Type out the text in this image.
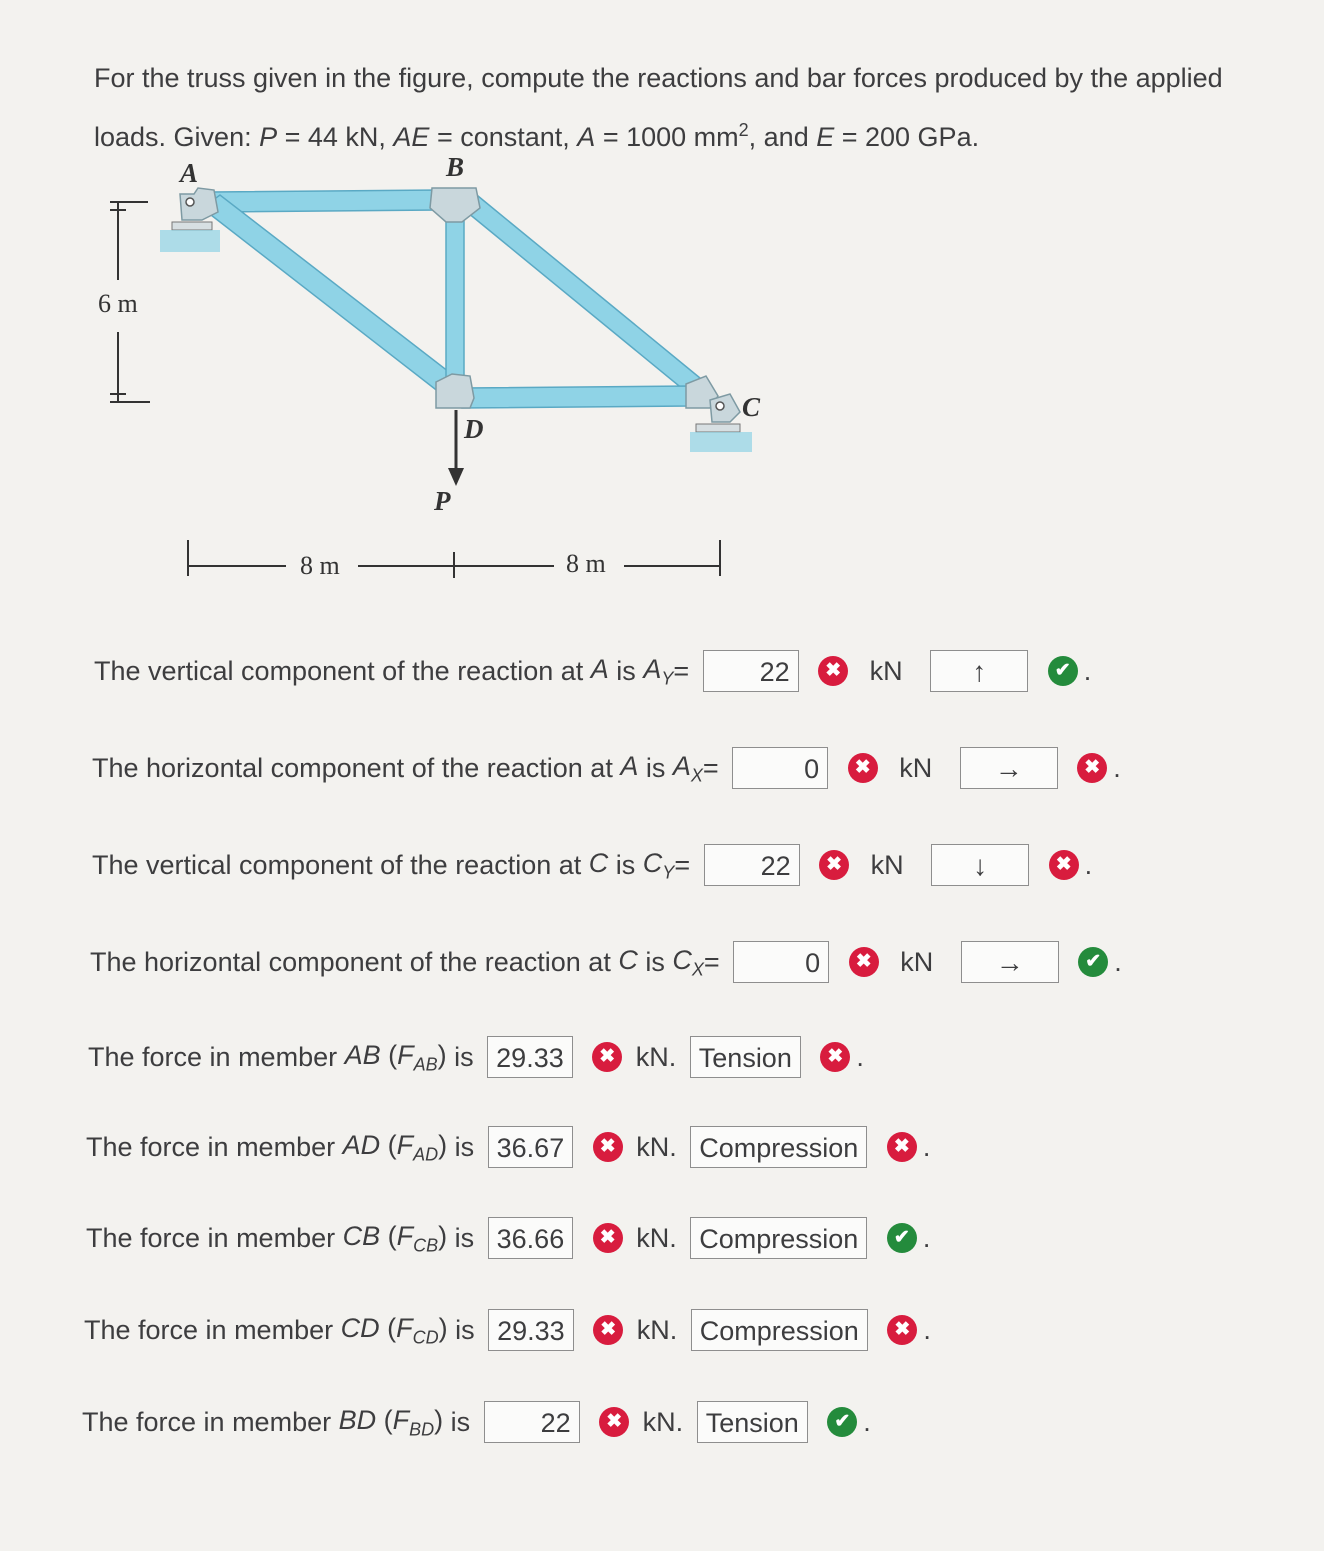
For the truss given in the figure, compute the reactions and bar forces produced by the applied loads. Given: P = 44 kN, AE = constant, A = 1000 $mm^2$, and E = 200 GPa.
A	B
C
D
P
6 m
8 m	8 m
The vertical component of the reaction at A is $A_Y=$	22 ✖ kN ↑	✔ .
The horizontal component of the reaction at A is $A_X=$	0 ✖ kN →	✖ .
The vertical component of the reaction at C is $C_Y=$	22 ✖ kN ↓	✖ .
The horizontal component of the reaction at C is $C_X=$	0 ✖ kN →	✔ .
The force in member AB $(F_{AB})$ is 29.33 ✖ kN. Tension ✖ .
The force in member AD $(F_{AD})$ is 36.67 ✖ kN. Compression ✖ .
The force in member CB $(F_{CB})$ is 36.66 ✖ kN. Compression ✔ .
The force in member CD $(F_{CD})$ is 29.33 ✖ kN. Compression ✖ .
The force in member BD $(F_{BD})$ is	22 ✖ kN. Tension ✔ .
